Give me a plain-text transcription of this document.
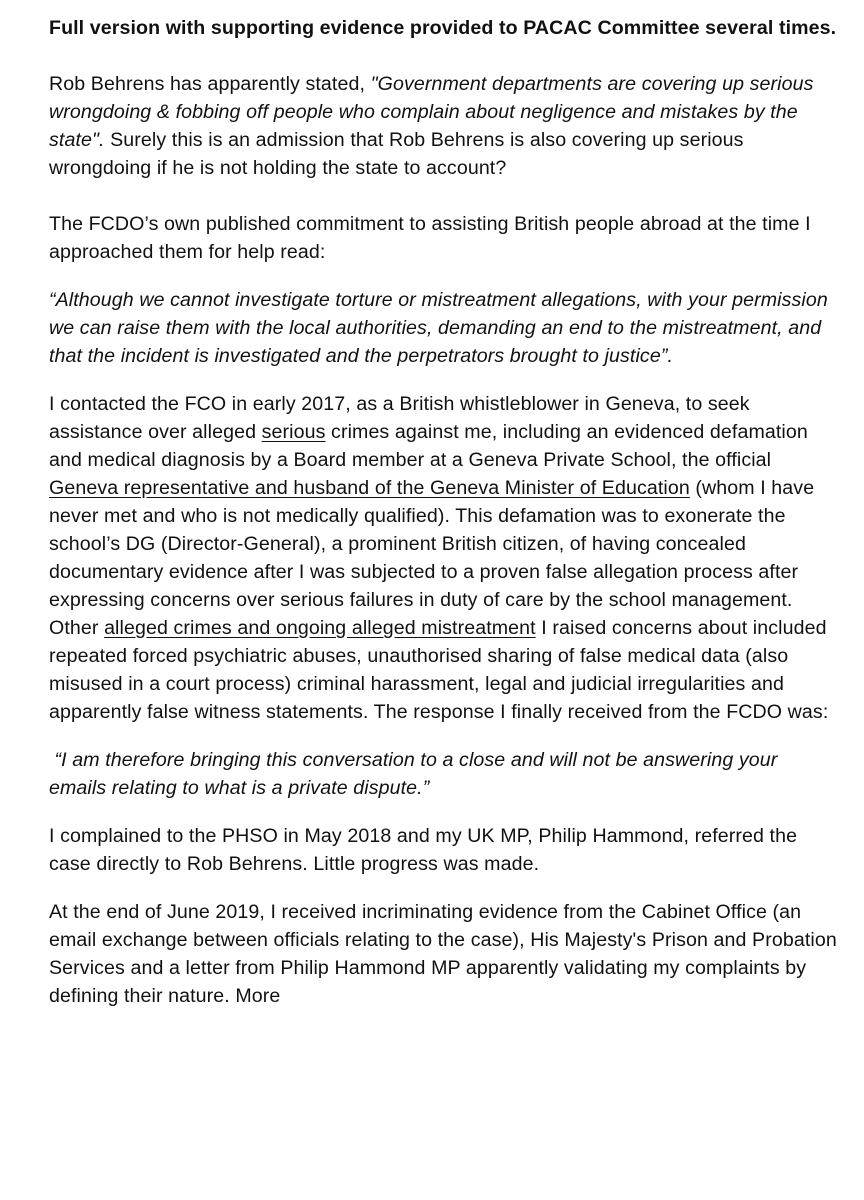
Full version with supporting evidence provided to PACAC Committee several times.

Rob Behrens has apparently stated, "Government departments are covering up serious wrongdoing & fobbing off people who complain about negligence and mistakes by the state". Surely this is an admission that Rob Behrens is also covering up serious wrongdoing if he is not holding the state to account?

The FCDO’s own published commitment to assisting British people abroad at the time I approached them for help read:

“Although we cannot investigate torture or mistreatment allegations, with your permission we can raise them with the local authorities, demanding an end to the mistreatment, and that the incident is investigated and the perpetrators brought to justice”.

I contacted the FCO in early 2017, as a British whistleblower in Geneva, to seek assistance over alleged serious crimes against me, including an evidenced defamation and medical diagnosis by a Board member at a Geneva Private School, the official Geneva representative and husband of the Geneva Minister of Education (whom I have never met and who is not medically qualified). This defamation was to exonerate the school’s DG (Director-General), a prominent British citizen, of having concealed documentary evidence after I was subjected to a proven false allegation process after expressing concerns over serious failures in duty of care by the school management. Other alleged crimes and ongoing alleged mistreatment I raised concerns about included repeated forced psychiatric abuses, unauthorised sharing of false medical data (also misused in a court process) criminal harassment, legal and judicial irregularities and apparently false witness statements. The response I finally received from the FCDO was:

“I am therefore bringing this conversation to a close and will not be answering your emails relating to what is a private dispute.”

I complained to the PHSO in May 2018 and my UK MP, Philip Hammond, referred the case directly to Rob Behrens. Little progress was made.

At the end of June 2019, I received incriminating evidence from the Cabinet Office (an email exchange between officials relating to the case), His Majesty's Prison and Probation Services and a letter from Philip Hammond MP apparently validating my complaints by defining their nature. More
